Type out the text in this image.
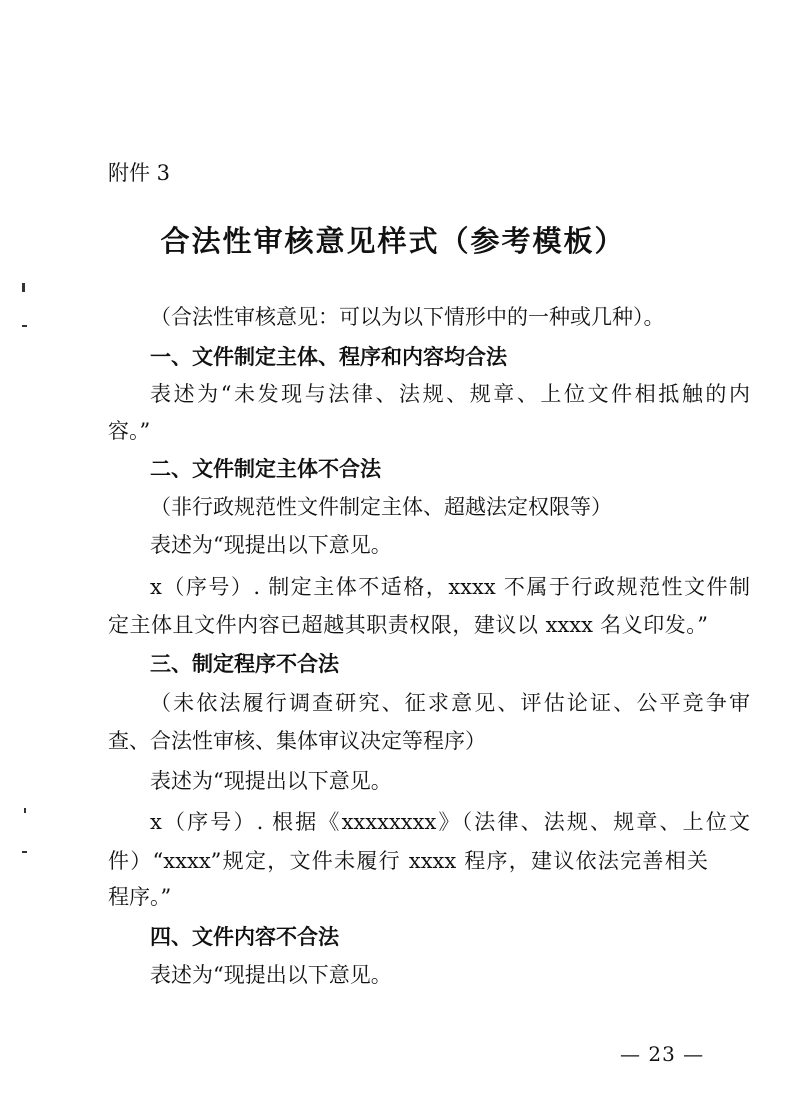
附件 3
合法性审核意见样式（参考模板）
（合法性审核意见：可以为以下情形中的一种或几种）。
一、文件制定主体、程序和内容均合法
表述为“未发现与法律、法规、规章、上位文件相抵触的内
容。”
二、文件制定主体不合法
（非行政规范性文件制定主体、超越法定权限等）
表述为“现提出以下意见。
x（序号）. 制定主体不适格，xxxx 不属于行政规范性文件制
定主体且文件内容已超越其职责权限，建议以 xxxx 名义印发。”
三、制定程序不合法
（未依法履行调查研究、征求意见、评估论证、公平竞争审
查、合法性审核、集体审议决定等程序）
表述为“现提出以下意见。
x（序号）. 根据《xxxxxxxx》（法律、法规、规章、上位文
件）“xxxx”规定，文件未履行 xxxx 程序，建议依法完善相关
程序。”
四、文件内容不合法
表述为“现提出以下意见。
— 23 —
